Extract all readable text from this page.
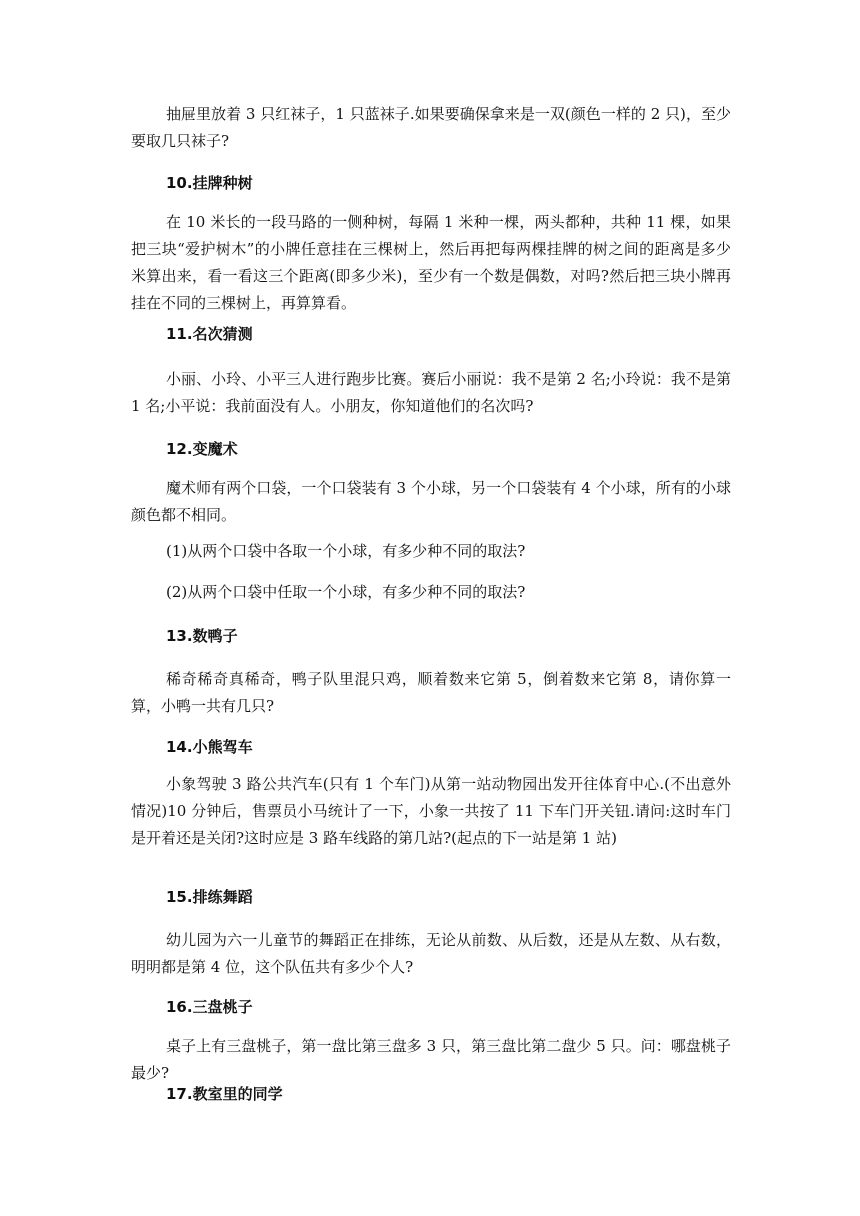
抽屉里放着 3 只红袜子，1 只蓝袜子.如果要确保拿来是一双(颜色一样的 2 只)，至少要取几只袜子?

10.挂牌种树

在 10 米长的一段马路的一侧种树，每隔 1 米种一棵，两头都种，共种 11 棵，如果把三块“爱护树木”的小牌任意挂在三棵树上，然后再把每两棵挂牌的树之间的距离是多少米算出来，看一看这三个距离(即多少米)，至少有一个数是偶数，对吗?然后把三块小牌再挂在不同的三棵树上，再算算看。

11.名次猜测

小丽、小玲、小平三人进行跑步比赛。赛后小丽说：我不是第 2 名;小玲说：我不是第 1 名;小平说：我前面没有人。小朋友，你知道他们的名次吗?

12.变魔术

魔术师有两个口袋，一个口袋装有 3 个小球，另一个口袋装有 4 个小球，所有的小球颜色都不相同。

(1)从两个口袋中各取一个小球，有多少种不同的取法?

(2)从两个口袋中任取一个小球，有多少种不同的取法?

13.数鸭子

稀奇稀奇真稀奇，鸭子队里混只鸡，顺着数来它第 5，倒着数来它第 8，请你算一算，小鸭一共有几只?

14.小熊驾车

小象驾驶 3 路公共汽车(只有 1 个车门)从第一站动物园出发开往体育中心.(不出意外情况)10 分钟后，售票员小马统计了一下，小象一共按了 11 下车门开关钮.请问:这时车门是开着还是关闭?这时应是 3 路车线路的第几站?(起点的下一站是第 1 站)

15.排练舞蹈

幼儿园为六一儿童节的舞蹈正在排练，无论从前数、从后数，还是从左数、从右数，明明都是第 4 位，这个队伍共有多少个人?

16.三盘桃子

桌子上有三盘桃子，第一盘比第三盘多 3 只，第三盘比第二盘少 5 只。问：哪盘桃子最少?

17.教室里的同学
